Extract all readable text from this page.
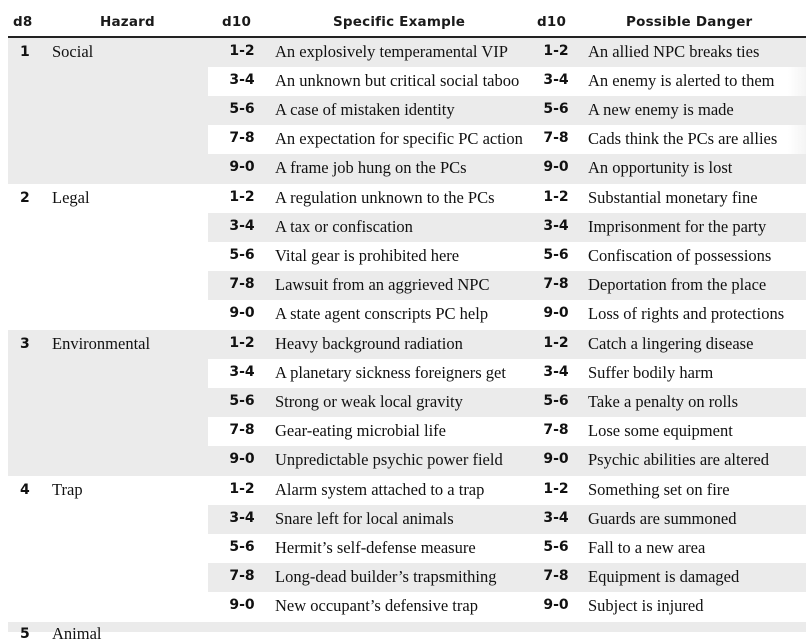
d8	Hazard	d10	Specific Example	d10	Possible Danger
1 Social	1-2	An explosively temperamental VIP	1-2	An allied NPC breaks ties
3-4	An unknown but critical social taboo	3-4	An enemy is alerted to them
5-6	A case of mistaken identity	5-6	A new enemy is made
7-8	An expectation for specific PC action	7-8	Cads think the PCs are allies
9-0	A frame job hung on the PCs	9-0	An opportunity is lost
2 Legal	1-2	A regulation unknown to the PCs	1-2	Substantial monetary fine
3-4	A tax or confiscation	3-4	Imprisonment for the party
5-6	Vital gear is prohibited here	5-6	Confiscation of possessions
7-8	Lawsuit from an aggrieved NPC	7-8	Deportation from the place
9-0	A state agent conscripts PC help	9-0	Loss of rights and protections
3 Environmental	1-2	Heavy background radiation	1-2	Catch a lingering disease
3-4	A planetary sickness foreigners get	3-4	Suffer bodily harm
5-6	Strong or weak local gravity	5-6	Take a penalty on rolls
7-8	Gear-eating microbial life	7-8	Lose some equipment
9-0	Unpredictable psychic power field	9-0	Psychic abilities are altered
4 Trap	1-2	Alarm system attached to a trap	1-2	Something set on fire
3-4	Snare left for local animals	3-4	Guards are summoned
5-6	Hermit’s self-defense measure	5-6	Fall to a new area
7-8	Long-dead builder’s trapsmithing	7-8	Equipment is damaged
9-0	New occupant’s defensive trap	9-0	Subject is injured
5 Animal
